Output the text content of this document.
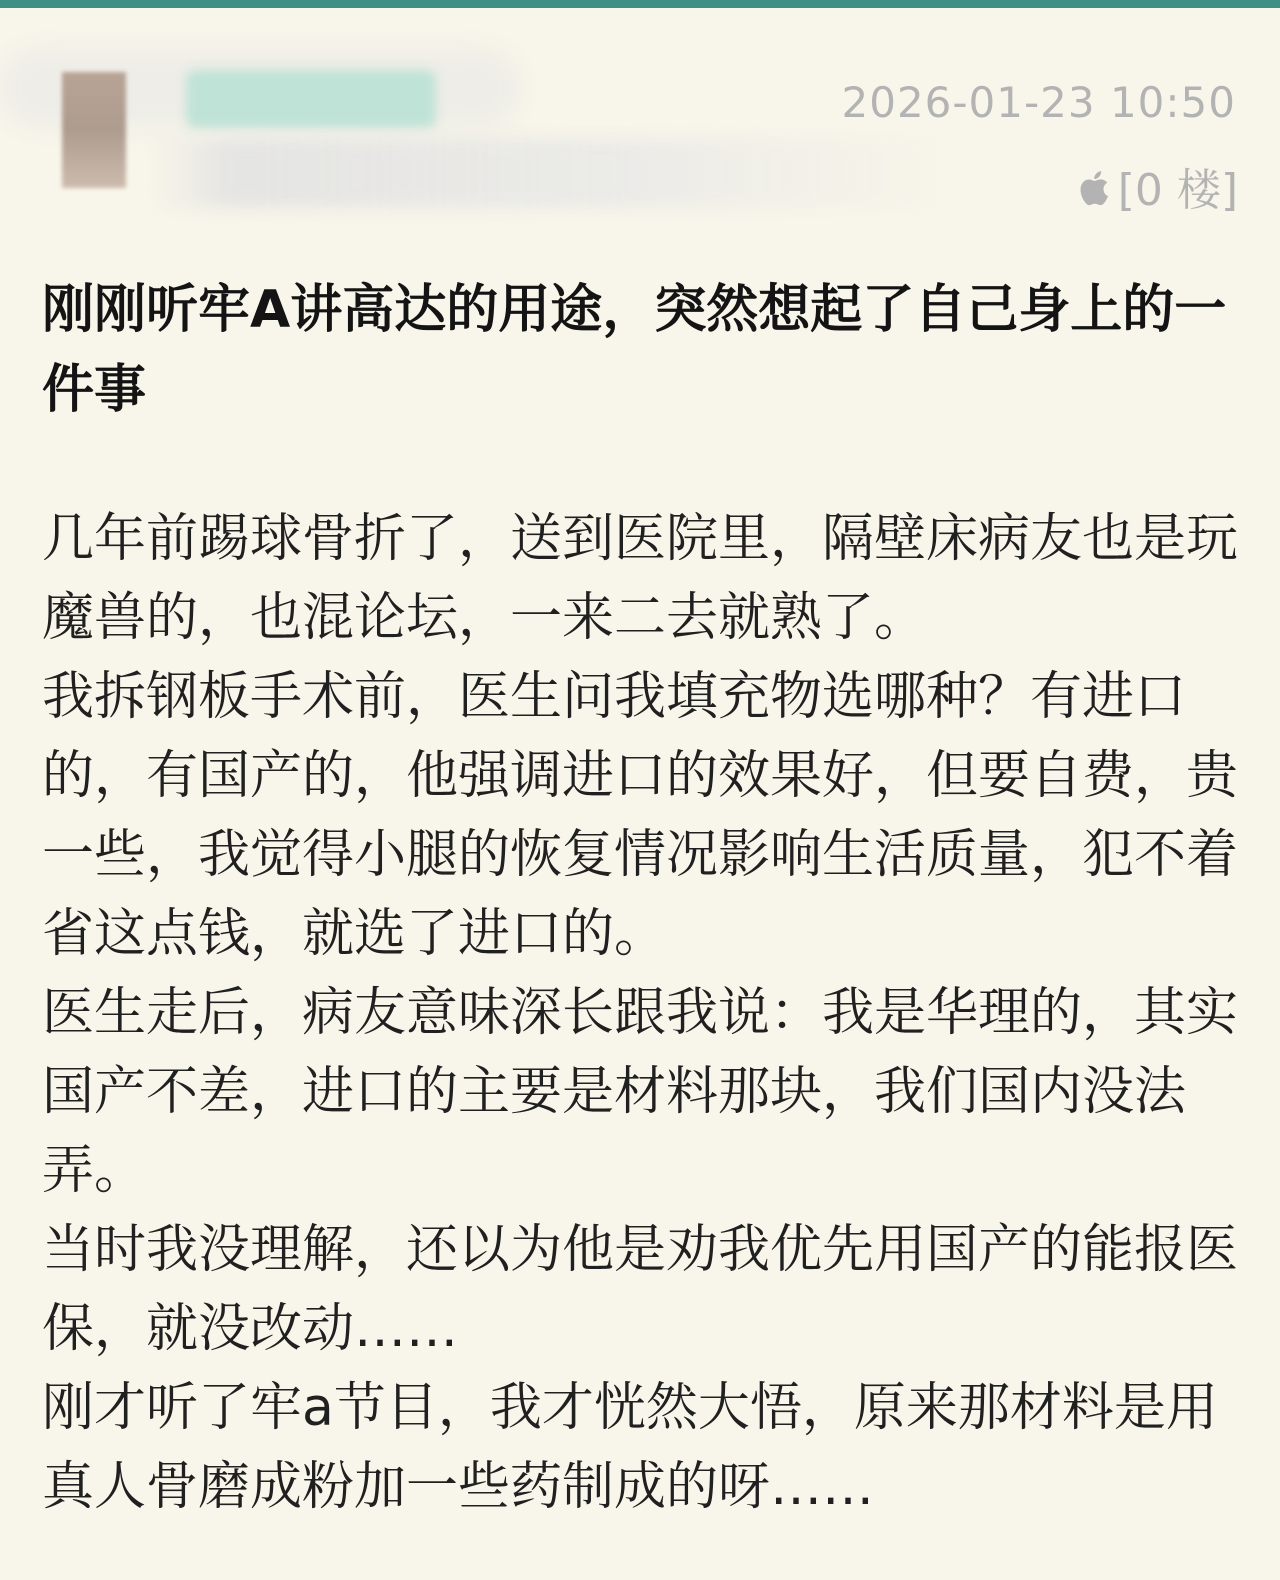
2026-01-23 10:50
[0 楼]
刚刚听牢A讲高达的用途，突然想起了自己身上的一件事

几年前踢球骨折了，送到医院里，隔壁床病友也是玩魔兽的，也混论坛，一来二去就熟了。

我拆钢板手术前，医生问我填充物选哪种？有进口的，有国产的，他强调进口的效果好，但要自费，贵一些，我觉得小腿的恢复情况影响生活质量，犯不着省这点钱，就选了进口的。

医生走后，病友意味深长跟我说：我是华理的，其实国产不差，进口的主要是材料那块，我们国内没法弄。

当时我没理解，还以为他是劝我优先用国产的能报医保，就没改动……

刚才听了牢a节目，我才恍然大悟，原来那材料是用真人骨磨成粉加一些药制成的呀……
